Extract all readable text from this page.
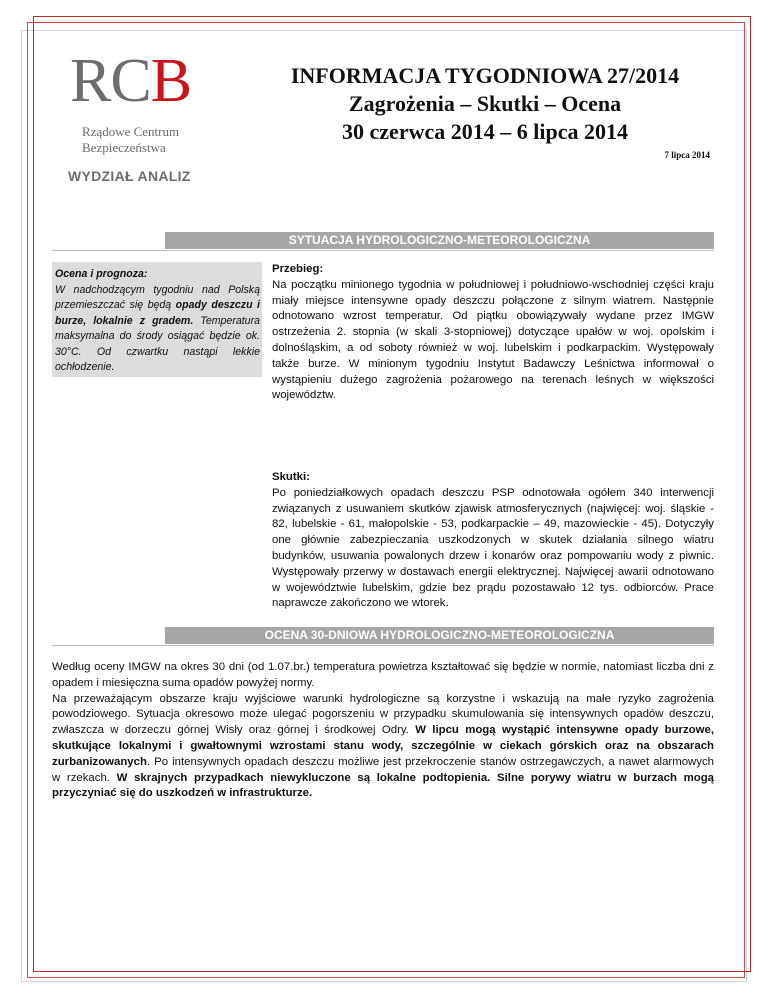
RCB
Rządowe Centrum
Bezpieczeństwa
INFORMACJA TYGODNIOWA 27/2014
Zagrożenia – Skutki – Ocena
30 czerwca 2014 – 6 lipca 2014
7 lipca 2014
WYDZIAŁ ANALIZ
SYTUACJA HYDROLOGICZNO-METEOROLOGICZNA
Ocena i prognoza:
W nadchodzącym tygodniu nad Polską przemieszczać się będą opady deszczu i burze, lokalnie z gradem. Temperatura maksymalna do środy osiągać będzie ok. 30°C. Od czwartku nastąpi lekkie ochłodzenie.
Przebieg:
Na początku minionego tygodnia w południowej i południowo-wschodniej części kraju miały miejsce intensywne opady deszczu połączone z silnym wiatrem. Następnie odnotowano wzrost temperatur. Od piątku obowiązywały wydane przez IMGW ostrzeżenia 2. stopnia (w skali 3-stopniowej) dotyczące upałów w woj. opolskim i dolnośląskim, a od soboty również w woj. lubelskim i podkarpackim. Występowały także burze. W minionym tygodniu Instytut Badawczy Leśnictwa informował o wystąpieniu dużego zagrożenia pożarowego na terenach leśnych w większości województw.
Skutki:
Po poniedziałkowych opadach deszczu PSP odnotowała ogółem 340 interwencji związanych z usuwaniem skutków zjawisk atmosferycznych (najwięcej: woj. śląskie - 82, lubelskie - 61, małopolskie - 53, podkarpackie – 49, mazowieckie - 45). Dotyczyły one głównie zabezpieczania uszkodzonych w skutek działania silnego wiatru budynków, usuwania powalonych drzew i konarów oraz pompowaniu wody z piwnic. Występowały przerwy w dostawach energii elektrycznej. Najwięcej awarii odnotowano w województwie lubelskim, gdzie bez prądu pozostawało 12 tys. odbiorców. Prace naprawcze zakończono we wtorek.
OCENA 30-DNIOWA HYDROLOGICZNO-METEOROLOGICZNA

Według oceny IMGW na okres 30 dni (od 1.07.br.) temperatura powietrza kształtować się będzie w normie, natomiast liczba dni z opadem i miesięczna suma opadów powyżej normy.

Na przeważającym obszarze kraju wyjściowe warunki hydrologiczne są korzystne i wskazują na małe ryzyko zagrożenia powodziowego. Sytuacja okresowo może ulegać pogorszeniu w przypadku skumulowania się intensywnych opadów deszczu, zwłaszcza w dorzeczu górnej Wisły oraz górnej i środkowej Odry. W lipcu mogą wystąpić intensywne opady burzowe, skutkujące lokalnymi i gwałtownymi wzrostami stanu wody, szczególnie w ciekach górskich oraz na obszarach zurbanizowanych. Po intensywnych opadach deszczu możliwe jest przekroczenie stanów ostrzegawczych, a nawet alarmowych w rzekach. W skrajnych przypadkach niewykluczone są lokalne podtopienia. Silne porywy wiatru w burzach mogą przyczyniać się do uszkodzeń w infrastrukturze.
